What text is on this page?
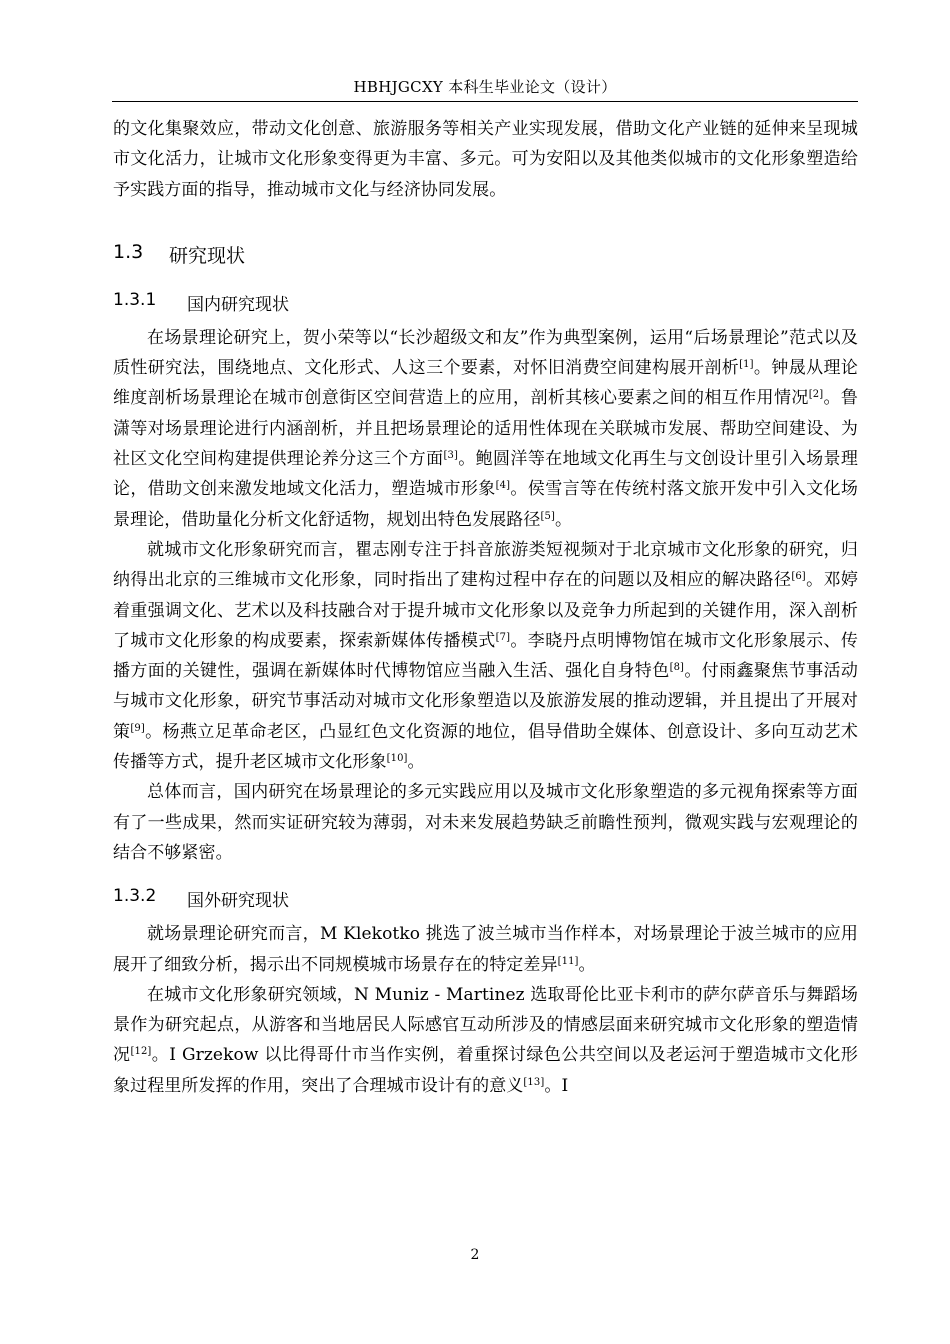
HBHJGCXY 本科生毕业论文（设计）

的文化集聚效应，带动文化创意、旅游服务等相关产业实现发展，借助文化产业链的延伸来呈现城市文化活力，让城市文化形象变得更为丰富、多元。可为安阳以及其他类似城市的文化形象塑造给予实践方面的指导，推动城市文化与经济协同发展。

1.3	研究现状
1.3.1	国内研究现状

在场景理论研究上，贺小荣等以“长沙超级文和友”作为典型案例，运用“后场景理论”范式以及质性研究法，围绕地点、文化形式、人这三个要素，对怀旧消费空间建构展开剖析[1]。钟晟从理论维度剖析场景理论在城市创意街区空间营造上的应用，剖析其核心要素之间的相互作用情况[2]。鲁潇等对场景理论进行内涵剖析，并且把场景理论的适用性体现在关联城市发展、帮助空间建设、为社区文化空间构建提供理论养分这三个方面[3]。鲍圆洋等在地域文化再生与文创设计里引入场景理论，借助文创来激发地域文化活力，塑造城市形象[4]。侯雪言等在传统村落文旅开发中引入文化场景理论，借助量化分析文化舒适物，规划出特色发展路径[5]。

就城市文化形象研究而言，瞿志刚专注于抖音旅游类短视频对于北京城市文化形象的研究，归纳得出北京的三维城市文化形象，同时指出了建构过程中存在的问题以及相应的解决路径[6]。邓婷着重强调文化、艺术以及科技融合对于提升城市文化形象以及竞争力所起到的关键作用，深入剖析了城市文化形象的构成要素，探索新媒体传播模式[7]。李晓丹点明博物馆在城市文化形象展示、传播方面的关键性，强调在新媒体时代博物馆应当融入生活、强化自身特色[8]。付雨鑫聚焦节事活动与城市文化形象，研究节事活动对城市文化形象塑造以及旅游发展的推动逻辑，并且提出了开展对策[9]。杨燕立足革命老区，凸显红色文化资源的地位，倡导借助全媒体、创意设计、多向互动艺术传播等方式，提升老区城市文化形象[10]。

总体而言，国内研究在场景理论的多元实践应用以及城市文化形象塑造的多元视角探索等方面有了一些成果，然而实证研究较为薄弱，对未来发展趋势缺乏前瞻性预判，微观实践与宏观理论的结合不够紧密。

1.3.2	国外研究现状

就场景理论研究而言，M Klekotko 挑选了波兰城市当作样本，对场景理论于波兰城市的应用展开了细致分析，揭示出不同规模城市场景存在的特定差异[11]。

在城市文化形象研究领域，N Muniz - Martinez 选取哥伦比亚卡利市的萨尔萨音乐与舞蹈场景作为研究起点，从游客和当地居民人际感官互动所涉及的情感层面来研究城市文化形象的塑造情况[12]。I Grzekow 以比得哥什市当作实例，着重探讨绿色公共空间以及老运河于塑造城市文化形象过程里所发挥的作用，突出了合理城市设计有的意义[13]。I

2
